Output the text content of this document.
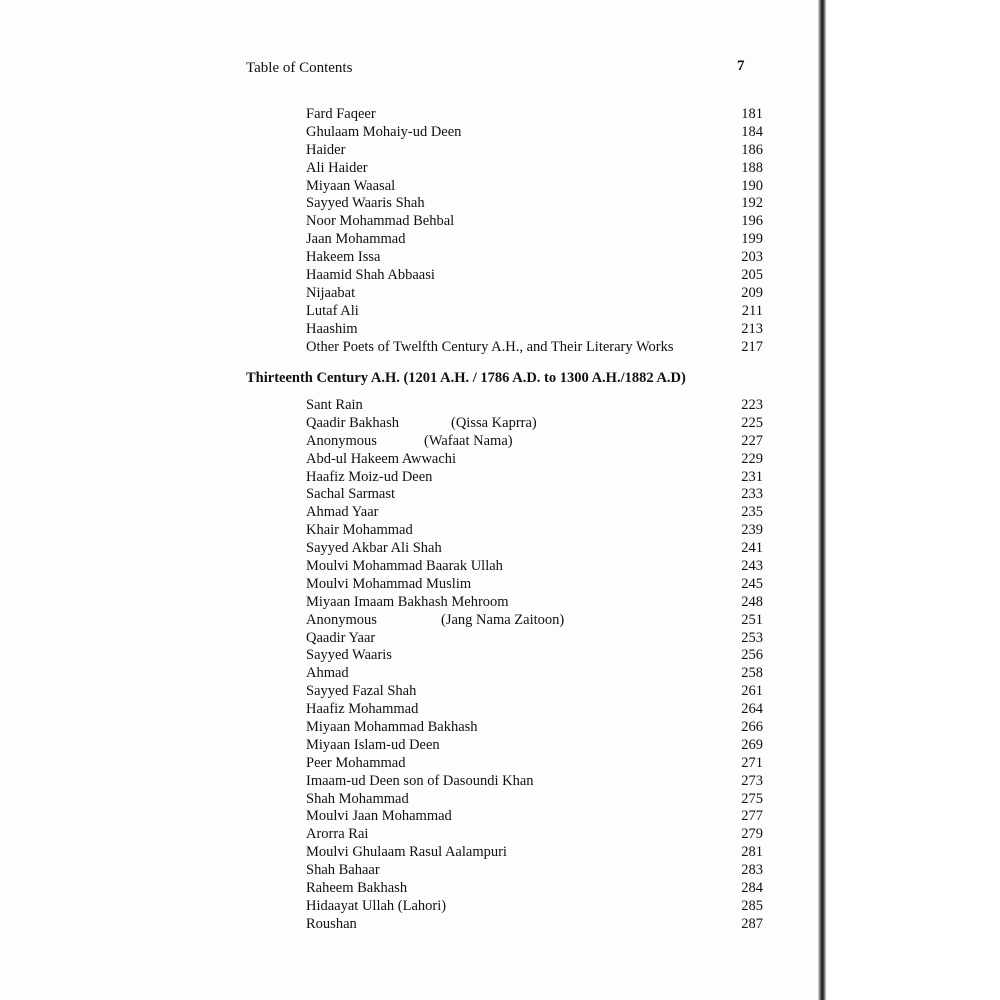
Table of Contents	7
Fard Faqeer	181
Ghulaam Mohaiy-ud Deen	184
Haider	186
Ali Haider	188
Miyaan Waasal	190
Sayyed Waaris Shah	192
Noor Mohammad Behbal	196
Jaan Mohammad	199
Hakeem Issa	203
Haamid Shah Abbaasi	205
Nijaabat	209
Lutaf Ali	211
Haashim	213
Other Poets of Twelfth Century A.H., and Their Literary Works	217
Thirteenth Century A.H. (1201 A.H. / 1786 A.D. to 1300 A.H./1882 A.D)
Sant Rain	223
Qaadir Bakhash	(Qissa Kaprra)	225
Anonymous	(Wafaat Nama)	227
Abd-ul Hakeem Awwachi	229
Haafiz Moiz-ud Deen	231
Sachal Sarmast	233
Ahmad Yaar	235
Khair Mohammad	239
Sayyed Akbar Ali Shah	241
Moulvi Mohammad Baarak Ullah	243
Moulvi Mohammad Muslim	245
Miyaan Imaam Bakhash Mehroom	248
Anonymous	(Jang Nama Zaitoon)	251
Qaadir Yaar	253
Sayyed Waaris	256
Ahmad	258
Sayyed Fazal Shah	261
Haafiz Mohammad	264
Miyaan Mohammad Bakhash	266
Miyaan Islam-ud Deen	269
Peer Mohammad	271
Imaam-ud Deen son of Dasoundi Khan	273
Shah Mohammad	275
Moulvi Jaan Mohammad	277
Arorra Rai	279
Moulvi Ghulaam Rasul Aalampuri	281
Shah Bahaar	283
Raheem Bakhash	284
Hidaayat Ullah (Lahori)	285
Roushan	287
